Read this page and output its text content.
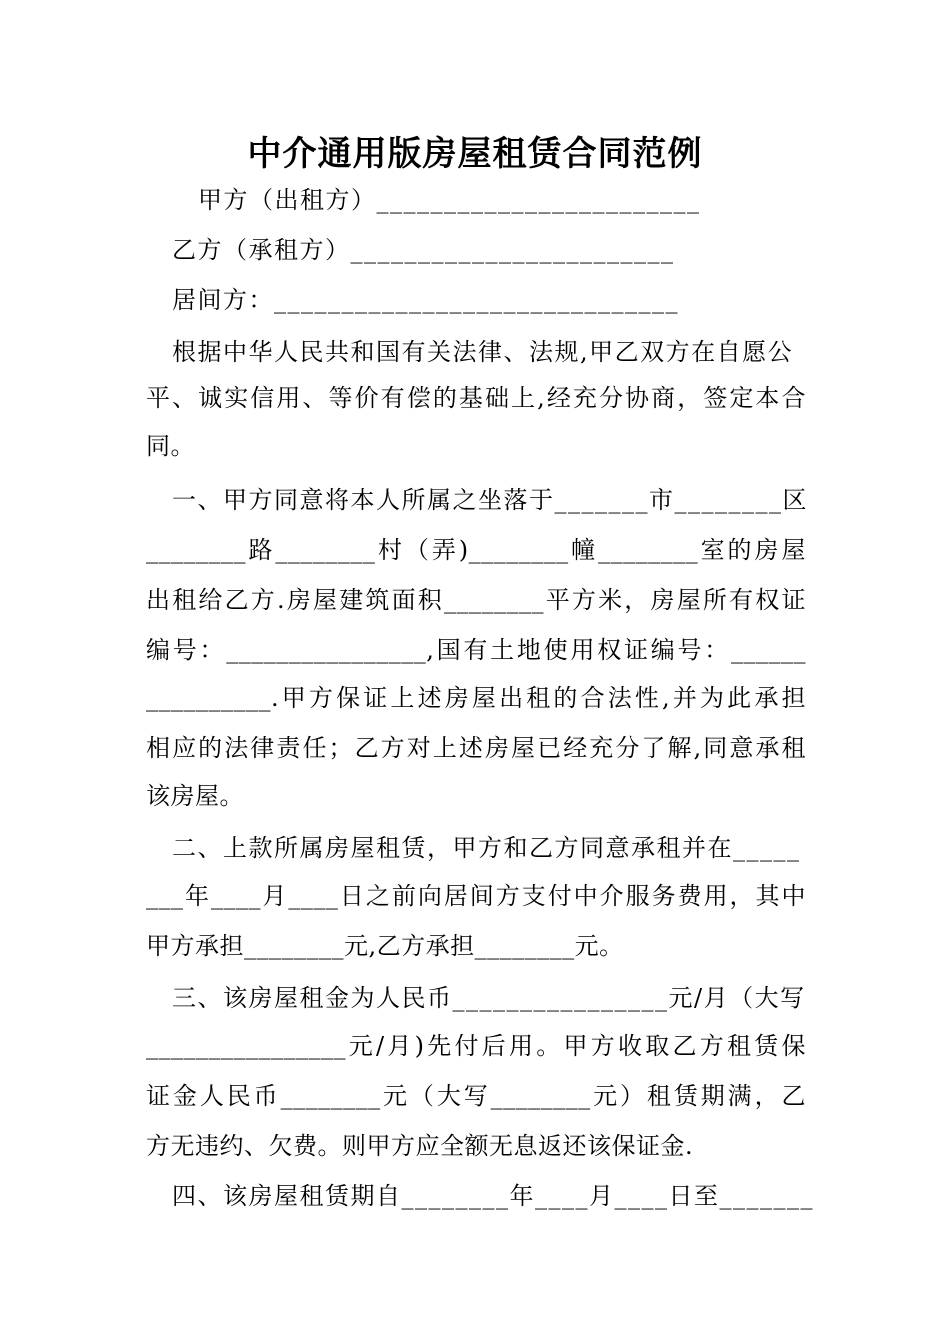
中介通用版房屋租赁合同范例
甲方（出租方）________________________
乙方（承租方）________________________
居间方：______________________________
根据中华人民共和国有关法律、法规,甲乙双方在自愿公
平、诚实信用、等价有偿的基础上,经充分协商，签定本合
同。
一、甲方同意将本人所属之坐落于_______市________区
________路________村（弄)________幢________室的房屋
出租给乙方.房屋建筑面积________平方米，房屋所有权证
编号：________________,国有土地使用权证编号：______
__________.甲方保证上述房屋出租的合法性,并为此承担
相应的法律责任；乙方对上述房屋已经充分了解,同意承租
该房屋。
二、上款所属房屋租赁，甲方和乙方同意承租并在_____
___年____月____日之前向居间方支付中介服务费用，其中
甲方承担________元,乙方承担________元。
三、该房屋租金为人民币________________元/月（大写
________________元/月)先付后用。甲方收取乙方租赁保
证金人民币________元（大写________元）租赁期满，乙
方无违约、欠费。则甲方应全额无息返还该保证金.
四、该房屋租赁期自________年____月____日至_______
